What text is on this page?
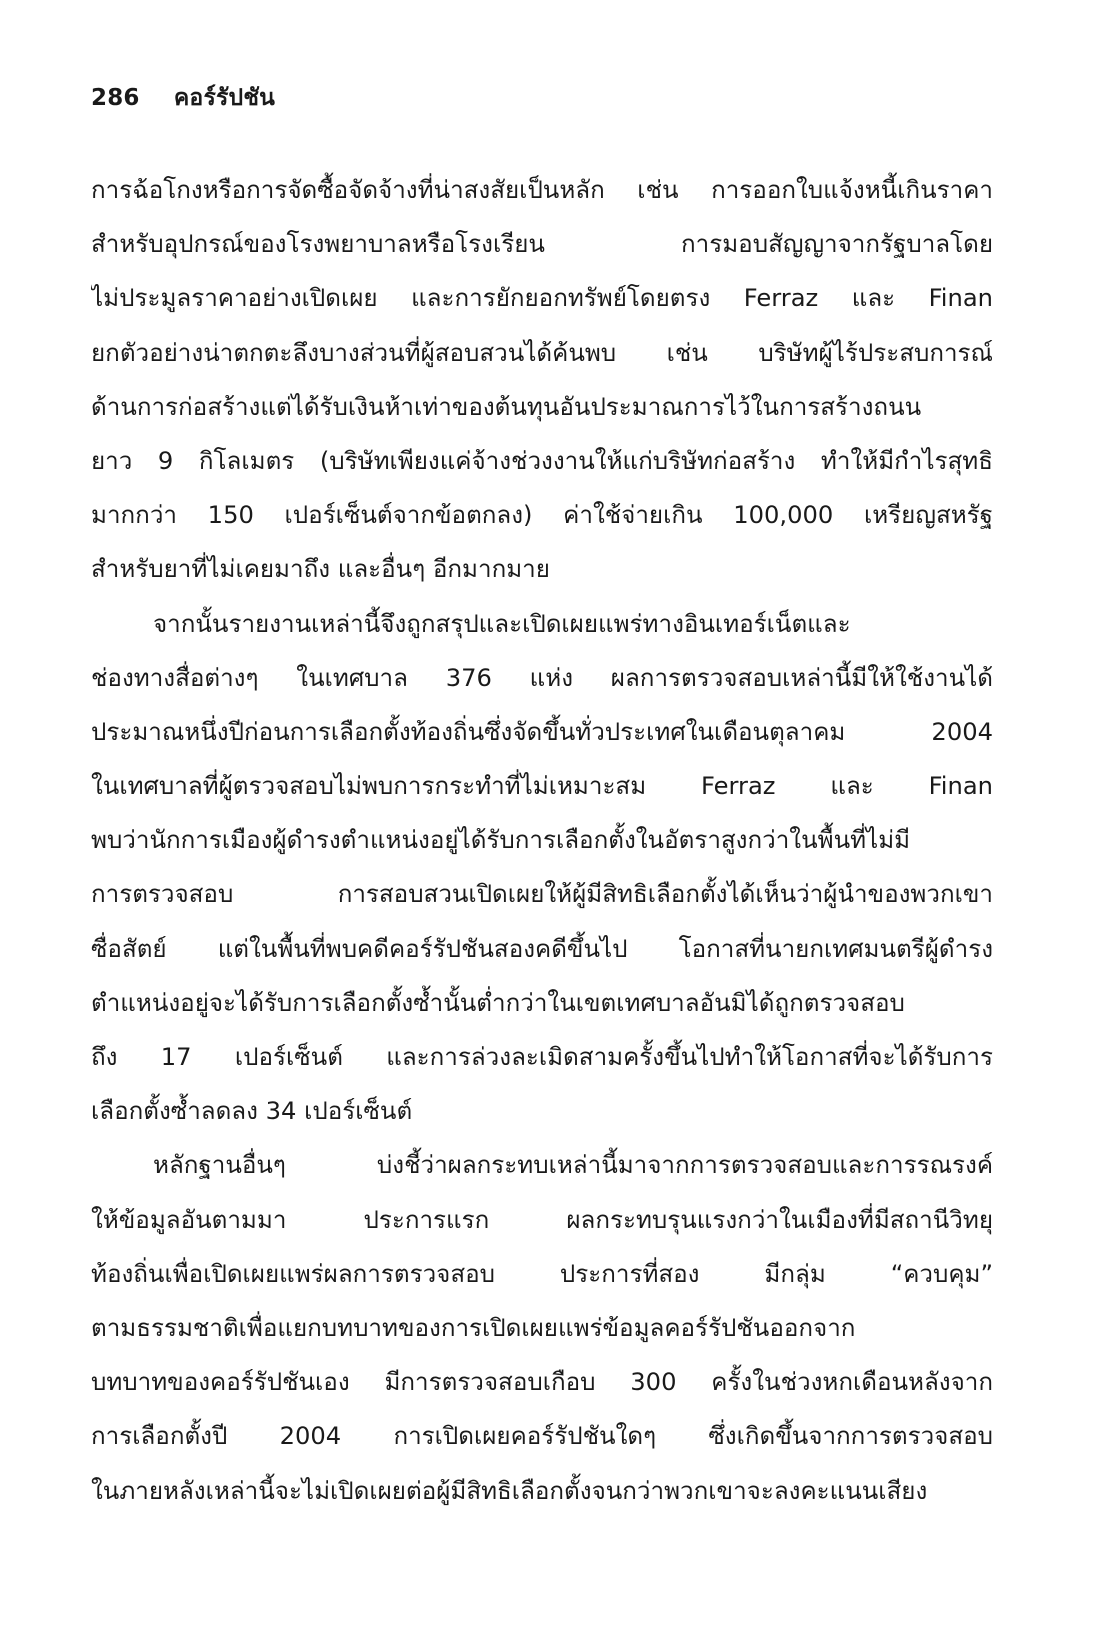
286 คอร์รัปชัน
การฉ้อโกงหรือการจัดซื้อจัดจ้างที่น่าสงสัยเป็นหลัก เช่น การออกใบแจ้งหนี้เกินราคา
สำหรับอุปกรณ์ของโรงพยาบาลหรือโรงเรียน การมอบสัญญาจากรัฐบาลโดย
ไม่ประมูลราคาอย่างเปิดเผย และการยักยอกทรัพย์โดยตรง Ferraz และ Finan
ยกตัวอย่างน่าตกตะลึงบางส่วนที่ผู้สอบสวนได้ค้นพบ เช่น บริษัทผู้ไร้ประสบการณ์
ด้านการก่อสร้างแต่ได้รับเงินห้าเท่าของต้นทุนอันประมาณการไว้ในการสร้างถนน
ยาว 9 กิโลเมตร (บริษัทเพียงแค่จ้างช่วงงานให้แก่บริษัทก่อสร้าง ทำให้มีกำไรสุทธิ
มากกว่า 150 เปอร์เซ็นต์จากข้อตกลง) ค่าใช้จ่ายเกิน 100,000 เหรียญสหรัฐ
สำหรับยาที่ไม่เคยมาถึง และอื่นๆ อีกมากมาย
จากนั้นรายงานเหล่านี้จึงถูกสรุปและเปิดเผยแพร่ทางอินเทอร์เน็ตและ
ช่องทางสื่อต่างๆ ในเทศบาล 376 แห่ง ผลการตรวจสอบเหล่านี้มีให้ใช้งานได้
ประมาณหนึ่งปีก่อนการเลือกตั้งท้องถิ่นซึ่งจัดขึ้นทั่วประเทศในเดือนตุลาคม 2004
ในเทศบาลที่ผู้ตรวจสอบไม่พบการกระทำที่ไม่เหมาะสม Ferraz และ Finan
พบว่านักการเมืองผู้ดำรงตำแหน่งอยู่ได้รับการเลือกตั้งในอัตราสูงกว่าในพื้นที่ไม่มี
การตรวจสอบ การสอบสวนเปิดเผยให้ผู้มีสิทธิเลือกตั้งได้เห็นว่าผู้นำของพวกเขา
ซื่อสัตย์ แต่ในพื้นที่พบคดีคอร์รัปชันสองคดีขึ้นไป โอกาสที่นายกเทศมนตรีผู้ดำรง
ตำแหน่งอยู่จะได้รับการเลือกตั้งซ้ำนั้นต่ำกว่าในเขตเทศบาลอันมิได้ถูกตรวจสอบ
ถึง 17 เปอร์เซ็นต์ และการล่วงละเมิดสามครั้งขึ้นไปทำให้โอกาสที่จะได้รับการ
เลือกตั้งซ้ำลดลง 34 เปอร์เซ็นต์
หลักฐานอื่นๆ บ่งชี้ว่าผลกระทบเหล่านี้มาจากการตรวจสอบและการรณรงค์
ให้ข้อมูลอันตามมา ประการแรก ผลกระทบรุนแรงกว่าในเมืองที่มีสถานีวิทยุ
ท้องถิ่นเพื่อเปิดเผยแพร่ผลการตรวจสอบ ประการที่สอง มีกลุ่ม “ควบคุม”
ตามธรรมชาติเพื่อแยกบทบาทของการเปิดเผยแพร่ข้อมูลคอร์รัปชันออกจาก
บทบาทของคอร์รัปชันเอง มีการตรวจสอบเกือบ 300 ครั้งในช่วงหกเดือนหลังจาก
การเลือกตั้งปี 2004 การเปิดเผยคอร์รัปชันใดๆ ซึ่งเกิดขึ้นจากการตรวจสอบ
ในภายหลังเหล่านี้จะไม่เปิดเผยต่อผู้มีสิทธิเลือกตั้งจนกว่าพวกเขาจะลงคะแนนเสียง
